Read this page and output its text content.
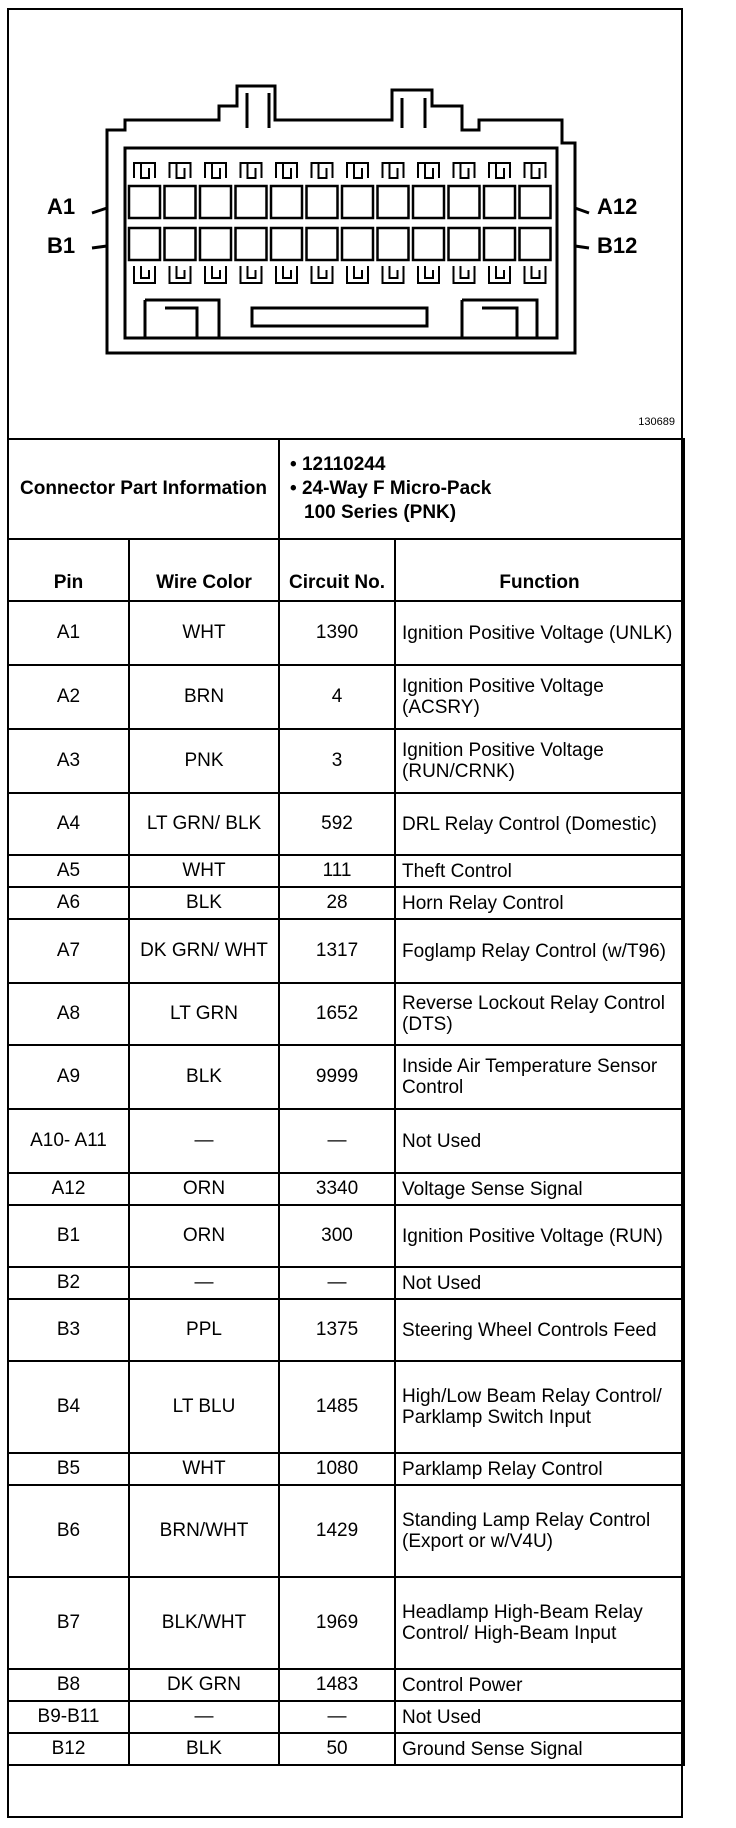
A1
B1
A12
B12
130689
Connector Part Information		• 12110244
• 24-Way F Micro-Pack
100 Series (PNK)	

Pin	Wire Color	Circuit No.	Function
A1	WHT	1390	Ignition Positive Voltage (UNLK)
A2	BRN	4	Ignition Positive Voltage (ACSRY)
A3	PNK	3	Ignition Positive Voltage (RUN/CRNK)
A4	LT GRN/ BLK	592	DRL Relay Control (Domestic)
A5	WHT	111	Theft Control
A6	BLK	28	Horn Relay Control
A7	DK GRN/ WHT	1317	Foglamp Relay Control (w/T96)
A8	LT GRN	1652	Reverse Lockout Relay Control (DTS)
A9	BLK	9999	Inside Air Temperature Sensor Control
A10- A11	—	—	Not Used
A12	ORN	3340	Voltage Sense Signal
B1	ORN	300	Ignition Positive Voltage (RUN)
B2	—	—	Not Used
B3	PPL	1375	Steering Wheel Controls Feed
B4	LT BLU	1485	High/Low Beam Relay Control/ Parklamp Switch Input
B5	WHT	1080	Parklamp Relay Control
B6	BRN/WHT	1429	Standing Lamp Relay Control (Export or w/V4U)
B7	BLK/WHT	1969	Headlamp High-Beam Relay Control/ High-Beam Input
B8	DK GRN	1483	Control Power
B9-B11	—	—	Not Used
B12	BLK	50	Ground Sense Signal
